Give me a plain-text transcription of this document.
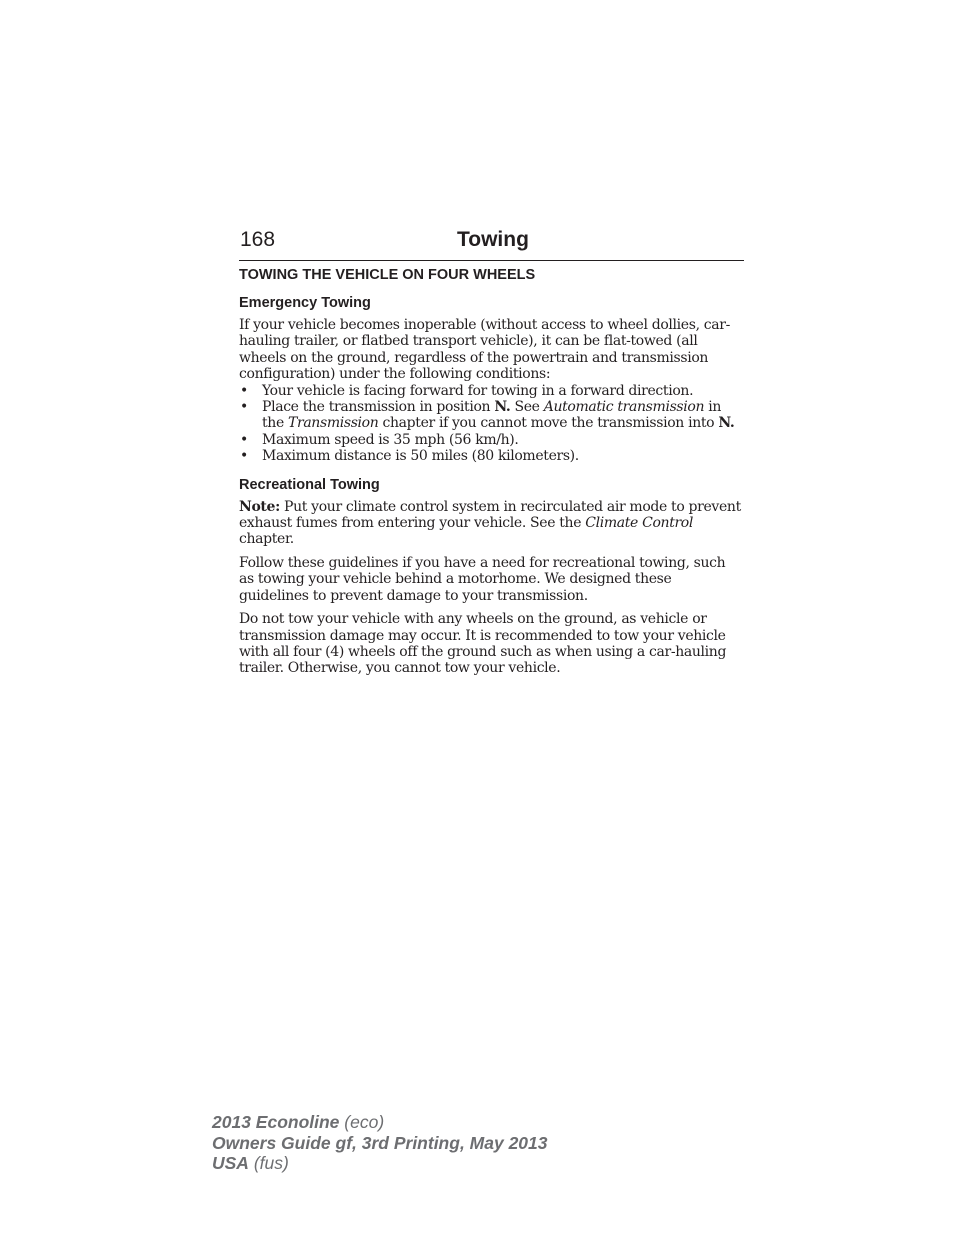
168	Towing
TOWING THE VEHICLE ON FOUR WHEELS
Emergency Towing

If your vehicle becomes inoperable (without access to wheel dollies, car-hauling trailer, or flatbed transport vehicle), it can be flat-towed (all wheels on the ground, regardless of the powertrain and transmission configuration) under the following conditions:

• Your vehicle is facing forward for towing in a forward direction.
• Place the transmission in position N. See Automatic transmission in the Transmission chapter if you cannot move the transmission into N.
• Maximum speed is 35 mph (56 km/h).
• Maximum distance is 50 miles (80 kilometers).
Recreational Towing

Note: Put your climate control system in recirculated air mode to prevent exhaust fumes from entering your vehicle. See the Climate Control chapter.

Follow these guidelines if you have a need for recreational towing, such as towing your vehicle behind a motorhome. We designed these guidelines to prevent damage to your transmission.

Do not tow your vehicle with any wheels on the ground, as vehicle or transmission damage may occur. It is recommended to tow your vehicle with all four (4) wheels off the ground such as when using a car-hauling trailer. Otherwise, you cannot tow your vehicle.

2013 Econoline (eco)
Owners Guide gf, 3rd Printing, May 2013
USA (fus)
